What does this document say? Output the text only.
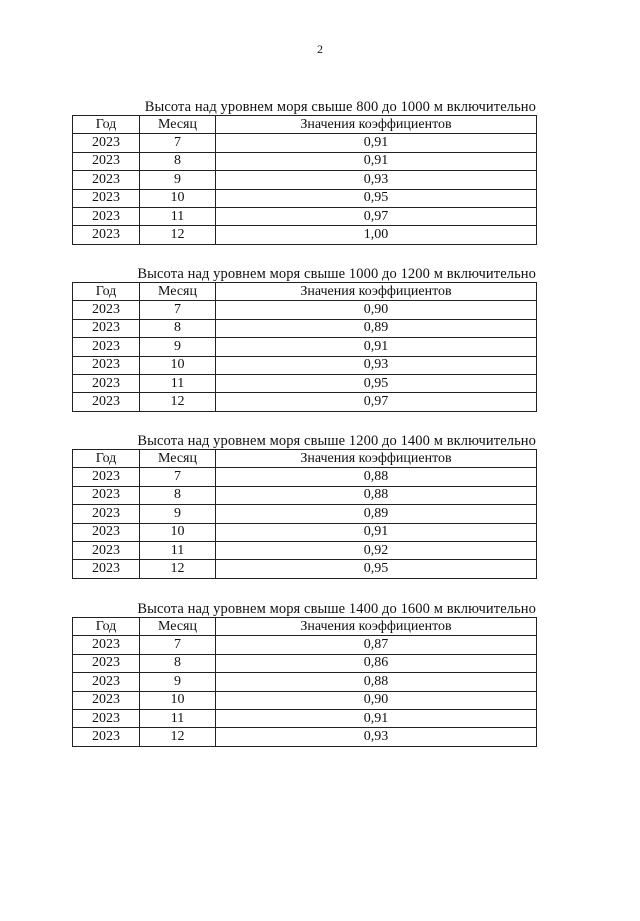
2
Высота над уровнем моря свыше 800 до 1000 м включительно
Год	Месяц	Значения коэффициентов
2023	7	0,91
2023	8	0,91
2023	9	0,93
2023	10	0,95
2023	11	0,97
2023	12	1,00
Высота над уровнем моря свыше 1000 до 1200 м включительно
Год	Месяц	Значения коэффициентов
2023	7	0,90
2023	8	0,89
2023	9	0,91
2023	10	0,93
2023	11	0,95
2023	12	0,97
Высота над уровнем моря свыше 1200 до 1400 м включительно
Год	Месяц	Значения коэффициентов
2023	7	0,88
2023	8	0,88
2023	9	0,89
2023	10	0,91
2023	11	0,92
2023	12	0,95
Высота над уровнем моря свыше 1400 до 1600 м включительно
Год	Месяц	Значения коэффициентов
2023	7	0,87
2023	8	0,86
2023	9	0,88
2023	10	0,90
2023	11	0,91
2023	12	0,93
